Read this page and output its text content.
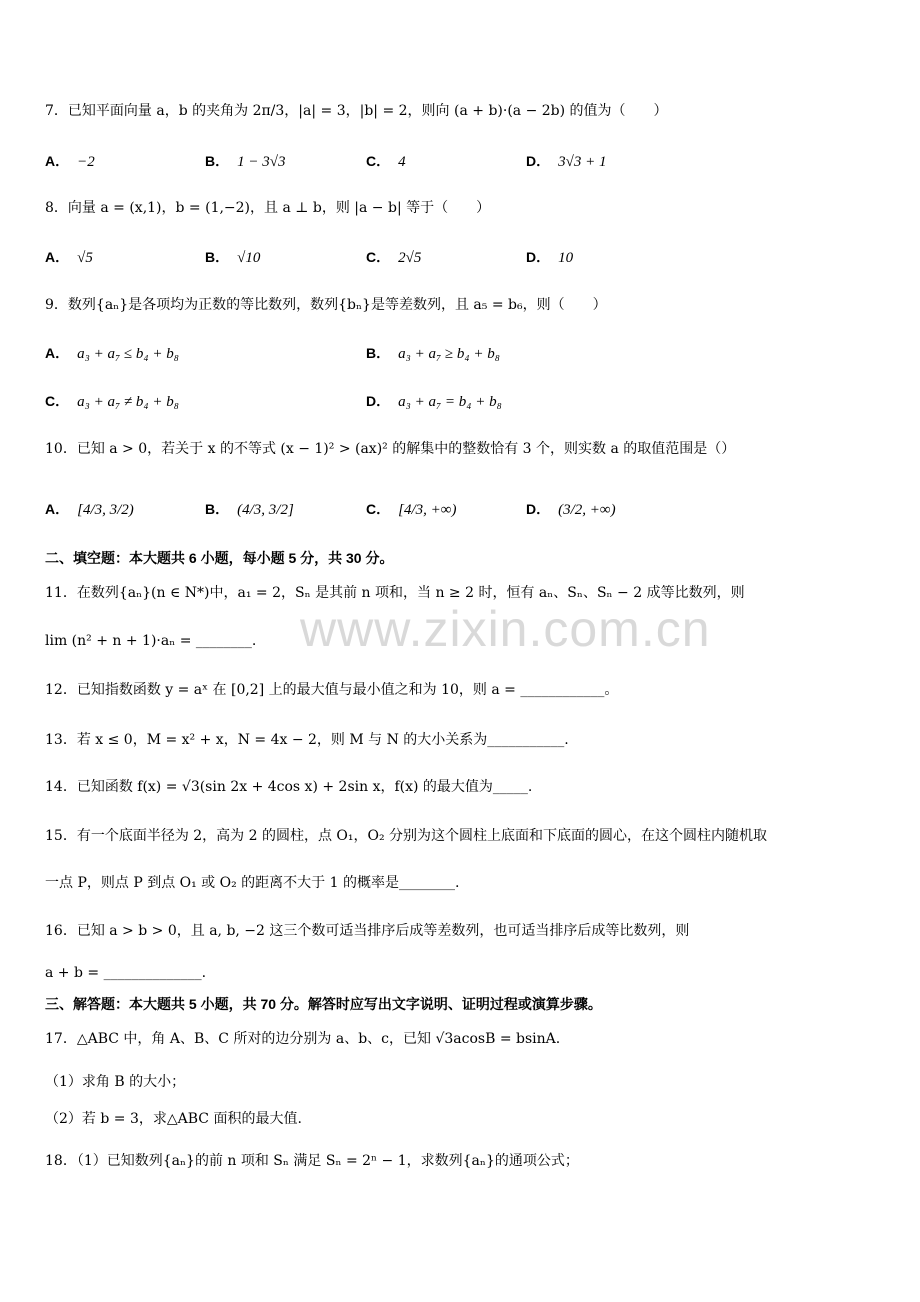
www.zixin.com.cn
7．已知平面向量 a，b 的夹角为 2π/3，|a| = 3，|b| = 2，则向 (a + b)·(a − 2b) 的值为（　　）
A． −2	B． 1 − 3√3	C． 4	D． 3√3 + 1
8．向量 a = (x,1)，b = (1,−2)，且 a ⊥ b，则 |a − b| 等于（　　）
A． √5	B． √10	C． 2√5	D． 10
9．数列{aₙ}是各项均为正数的等比数列，数列{bₙ}是等差数列，且 a₅ = b₆，则（　　）
A． a₃ + a₇ ≤ b₄ + b₈	B． a₃ + a₇ ≥ b₄ + b₈
C． a₃ + a₇ ≠ b₄ + b₈	D． a₃ + a₇ = b₄ + b₈
10．已知 a > 0，若关于 x 的不等式 (x − 1)² > (ax)² 的解集中的整数恰有 3 个，则实数 a 的取值范围是（）
A． [4/3, 3/2)	B． (4/3, 3/2]	C． [4/3, +∞)	D． (3/2, +∞)
二、填空题：本大题共 6 小题，每小题 5 分，共 30 分。
11．在数列{aₙ}(n ∈ N*)中，a₁ = 2，Sₙ 是其前 n 项和，当 n ≥ 2 时，恒有 aₙ、Sₙ、Sₙ − 2 成等比数列，则
lim (n² + n + 1)·aₙ = ________.
12．已知指数函数 y = aˣ 在 [0,2] 上的最大值与最小值之和为 10，则 a = ____________。
13．若 x ≤ 0，M = x² + x，N = 4x − 2，则 M 与 N 的大小关系为___________.
14．已知函数 f(x) = √3(sin 2x + 4cos x) + 2sin x，f(x) 的最大值为_____.
15．有一个底面半径为 2，高为 2 的圆柱，点 O₁，O₂ 分别为这个圆柱上底面和下底面的圆心，在这个圆柱内随机取
一点 P，则点 P 到点 O₁ 或 O₂ 的距离不大于 1 的概率是________.
16．已知 a > b > 0，且 a, b, −2 这三个数可适当排序后成等差数列，也可适当排序后成等比数列，则
a + b = ______________.
三、解答题：本大题共 5 小题，共 70 分。解答时应写出文字说明、证明过程或演算步骤。
17．△ABC 中，角 A、B、C 所对的边分别为 a、b、c，已知 √3acosB = bsinA.
（1）求角 B 的大小；
（2）若 b = 3，求△ABC 面积的最大值.
18．（1）已知数列{aₙ}的前 n 项和 Sₙ 满足 Sₙ = 2ⁿ − 1，求数列{aₙ}的通项公式；
